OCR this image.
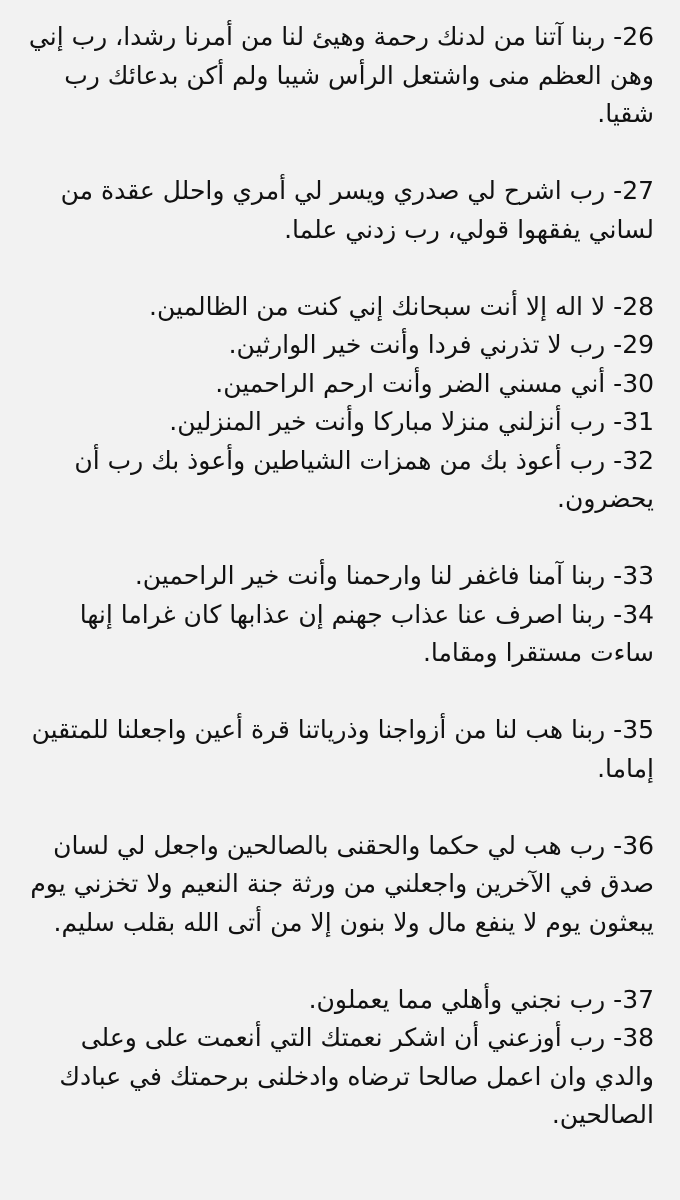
26- ربنا آتنا من لدنك رحمة وهيئ لنا من أمرنا رشدا، رب إني وهن العظم منى واشتعل الرأس شيبا ولم أكن بدعائك رب شقيا.

27- رب اشرح لي صدري ويسر لي أمري واحلل عقدة من لساني يفقهوا قولي، رب زدني علما.

28- لا اله إلا أنت سبحانك إني كنت من الظالمين.

29- رب لا تذرني فردا وأنت خير الوارثين.

30- أني مسني الضر وأنت ارحم الراحمين.

31- رب أنزلني منزلا مباركا وأنت خير المنزلين.

32- رب أعوذ بك من همزات الشياطين وأعوذ بك رب أن يحضرون.

33- ربنا آمنا فاغفر لنا وارحمنا وأنت خير الراحمين.

34- ربنا اصرف عنا عذاب جهنم إن عذابها كان غراما إنها ساءت مستقرا ومقاما.

35- ربنا هب لنا من أزواجنا وذرياتنا قرة أعين واجعلنا للمتقين إماما.

36- رب هب لي حكما والحقنى بالصالحين واجعل لي لسان صدق في الآخرين واجعلني من ورثة جنة النعيم ولا تخزني يوم يبعثون يوم لا ينفع مال ولا بنون إلا من أتى الله بقلب سليم.

37- رب نجني وأهلي مما يعملون.

38- رب أوزعني أن اشكر نعمتك التي أنعمت على وعلى والدي وان اعمل صالحا ترضاه وادخلنى برحمتك في عبادك الصالحين.
